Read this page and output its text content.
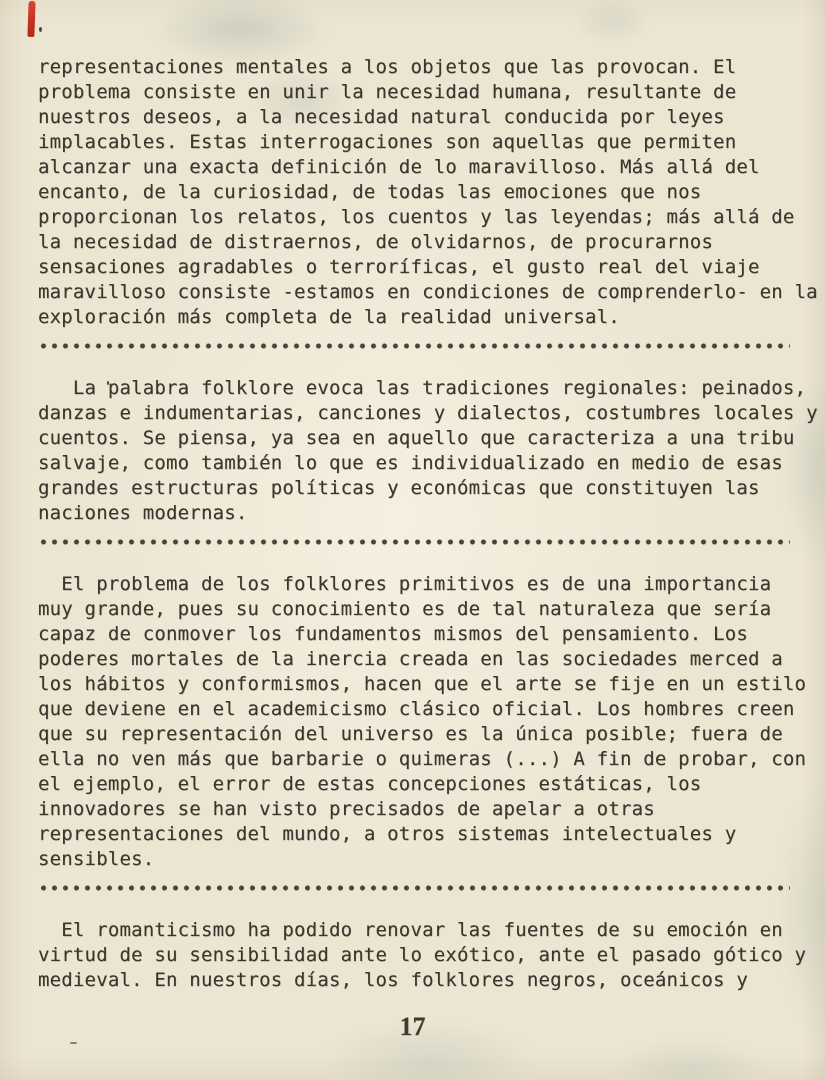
representaciones mentales a los objetos que las provocan. El
problema consiste en unir la necesidad humana, resultante de
nuestros deseos, a la necesidad natural conducida por leyes
implacables. Estas interrogaciones son aquellas que permiten
alcanzar una exacta definición de lo maravilloso. Más allá del
encanto, de la curiosidad, de todas las emociones que nos
proporcionan los relatos, los cuentos y las leyendas; más allá de
la necesidad de distraernos, de olvidarnos, de procurarnos
sensaciones agradables o terroríficas, el gusto real del viaje
maravilloso consiste -estamos en condiciones de comprenderlo- en la
exploración más completa de la realidad universal.
La palabra folklore evoca las tradiciones regionales: peinados,
danzas e indumentarias, canciones y dialectos, costumbres locales y
cuentos. Se piensa, ya sea en aquello que caracteriza a una tribu
salvaje, como también lo que es individualizado en medio de esas
grandes estructuras políticas y económicas que constituyen las
naciones modernas.
El problema de los folklores primitivos es de una importancia
muy grande, pues su conocimiento es de tal naturaleza que sería
capaz de conmover los fundamentos mismos del pensamiento. Los
poderes mortales de la inercia creada en las sociedades merced a
los hábitos y conformismos, hacen que el arte se fije en un estilo
que deviene en el academicismo clásico oficial. Los hombres creen
que su representación del universo es la única posible; fuera de
ella no ven más que barbarie o quimeras (...) A fin de probar, con
el ejemplo, el error de estas concepciones estáticas, los
innovadores se han visto precisados de apelar a otras
representaciones del mundo, a otros sistemas intelectuales y
sensibles.
El romanticismo ha podido renovar las fuentes de su emoción en
virtud de su sensibilidad ante lo exótico, ante el pasado gótico y
medieval. En nuestros días, los folklores negros, oceánicos y
17
